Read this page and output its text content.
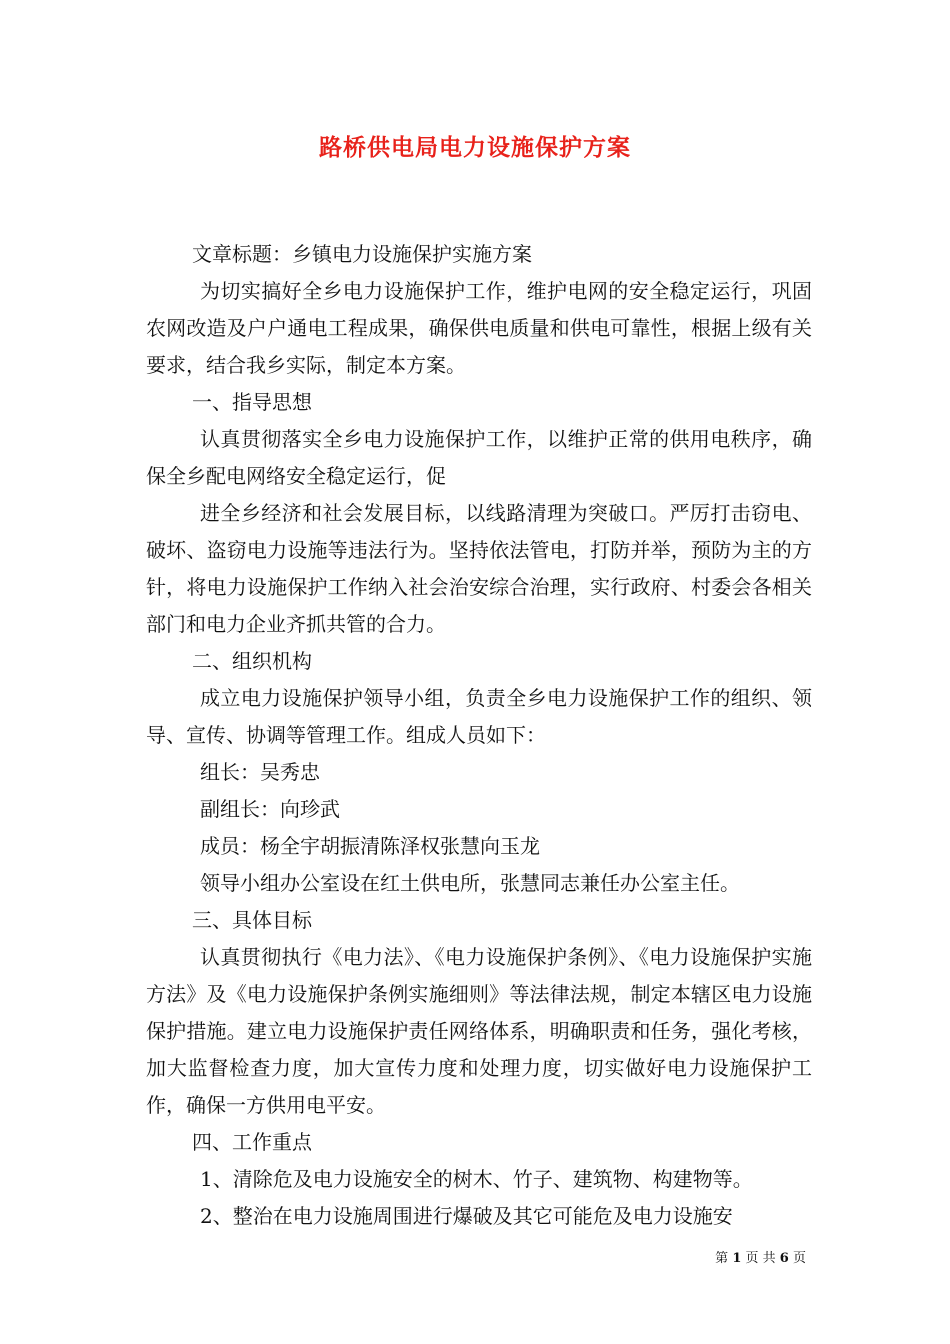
路桥供电局电力设施保护方案

文章标题：乡镇电力设施保护实施方案

为切实搞好全乡电力设施保护工作，维护电网的安全稳定运行，巩固农网改造及户户通电工程成果，确保供电质量和供电可靠性，根据上级有关要求，结合我乡实际，制定本方案。

一、指导思想

认真贯彻落实全乡电力设施保护工作，以维护正常的供用电秩序，确保全乡配电网络安全稳定运行，促

进全乡经济和社会发展目标，以线路清理为突破口。严厉打击窃电、破坏、盗窃电力设施等违法行为。坚持依法管电，打防并举，预防为主的方针，将电力设施保护工作纳入社会治安综合治理，实行政府、村委会各相关部门和电力企业齐抓共管的合力。

二、组织机构

成立电力设施保护领导小组，负责全乡电力设施保护工作的组织、领导、宣传、协调等管理工作。组成人员如下：

组长：吴秀忠

副组长：向珍武

成员：杨全宇胡振清陈泽权张慧向玉龙

领导小组办公室设在红土供电所，张慧同志兼任办公室主任。

三、具体目标

认真贯彻执行《电力法》、《电力设施保护条例》、《电力设施保护实施方法》及《电力设施保护条例实施细则》等法律法规，制定本辖区电力设施保护措施。建立电力设施保护责任网络体系，明确职责和任务，强化考核，加大监督检查力度，加大宣传力度和处理力度，切实做好电力设施保护工作，确保一方供用电平安。

四、工作重点

1、清除危及电力设施安全的树木、竹子、建筑物、构建物等。

2、整治在电力设施周围进行爆破及其它可能危及电力设施安

第 1 页 共 6 页
